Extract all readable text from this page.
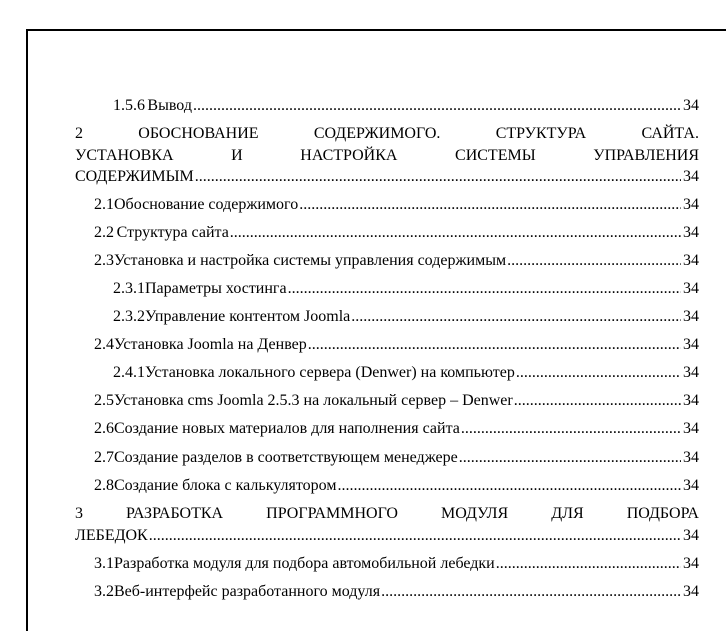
1.5.6 Вывод .....	34
2	ОБОСНОВАНИЕ	СОДЕРЖИМОГО.	СТРУКТУРА	САЙТА.
УСТАНОВКА	И	НАСТРОЙКА	СИСТЕМЫ	УПРАВЛЕНИЯ
СОДЕРЖИМЫМ .....	34
2.1 Обоснование содержимого .....	34
2.2 Структура сайта .....	34
2.3 Установка и настройка системы управления содержимым .....	34
2.3.1 Параметры хостинга .....	34
2.3.2 Управление контентом Joomla .....	34
2.4 Установка Joomla на Денвер .....	34
2.4.1 Установка локального сервера (Denwer) на компьютер .....	34
2.5 Установка cms Joomla 2.5.3 на локальный сервер – Denwer .....	34
2.6 Создание новых материалов для наполнения сайта .....	34
2.7 Создание разделов в соответствующем менеджере .....	34
2.8 Создание блока с калькулятором .....	34
3	РАЗРАБОТКА	ПРОГРАММНОГО	МОДУЛЯ	ДЛЯ	ПОДБОРА
ЛЕБЕДОК .....	34
3.1 Разработка модуля для подбора автомобильной лебедки .....	34
3.2 Веб-интерфейс разработанного модуля .....	34
